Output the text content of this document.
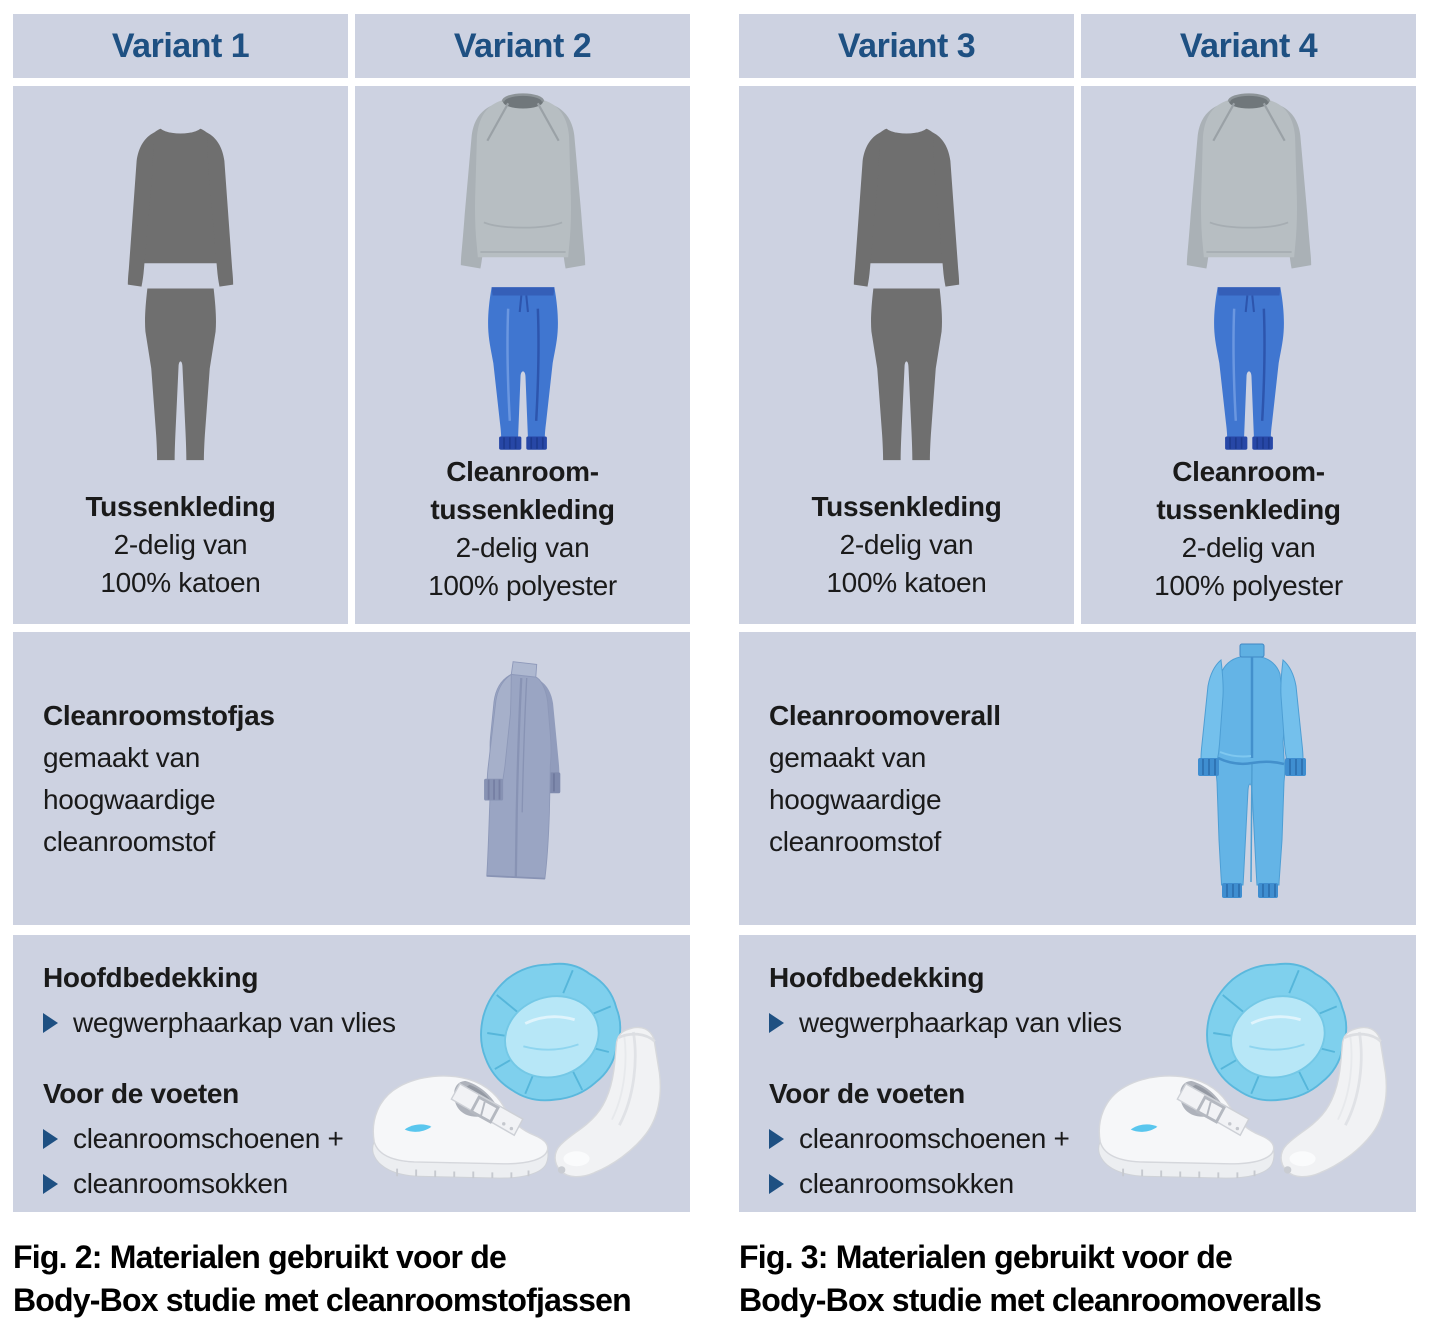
Variant 1	Variant 2
Tussenkleding
2-delig van
100% katoen
Cleanroom-
tussenkleding
2-delig van
100% polyester
Cleanroomstofjas
gemaakt van
hoogwaardige
cleanroomstof
Hoofdbedekking
wegwerphaarkap van vlies
Voor de voeten
cleanroomschoenen +
cleanroomsokken
Fig. 2: Materialen gebruikt voor de
Body-Box studie met cleanroomstofjassen
Variant 3	Variant 4
Tussenkleding
2-delig van
100% katoen
Cleanroom-
tussenkleding
2-delig van
100% polyester
Cleanroomoverall
gemaakt van
hoogwaardige
cleanroomstof
Hoofdbedekking
wegwerphaarkap van vlies
Voor de voeten
cleanroomschoenen +
cleanroomsokken
Fig. 3: Materialen gebruikt voor de
Body-Box studie met cleanroomoveralls
